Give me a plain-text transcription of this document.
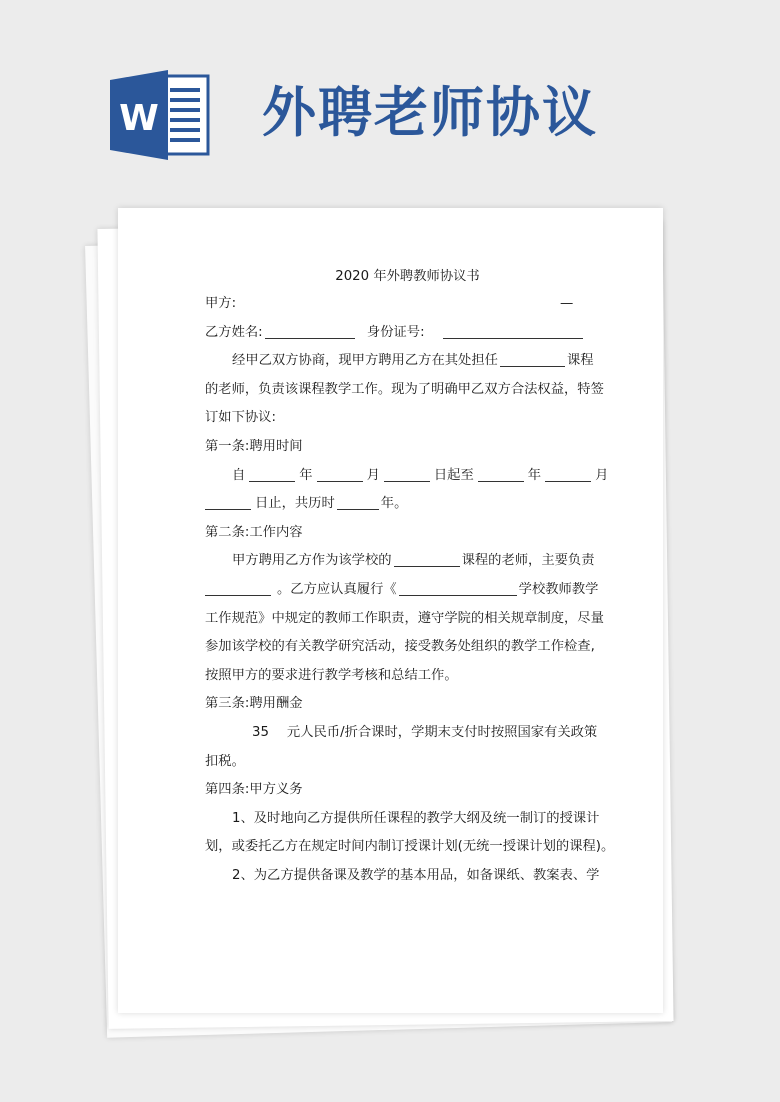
W 外聘老师协议
2020 年外聘教师协议书
甲方:	—
乙方姓名:	身份证号:
经甲乙双方协商，现甲方聘用乙方在其处担任	课程
的老师，负责该课程教学工作。现为了明确甲乙双方合法权益，特签
订如下协议:
第一条:聘用时间
自	年	月	日起至	年	月
日止，共历时	年。
第二条:工作内容
甲方聘用乙方作为该学校的	课程的老师，主要负责
。乙方应认真履行《	学校教师教学
工作规范》中规定的教师工作职责，遵守学院的相关规章制度，尽量
参加该学校的有关教学研究活动，接受教务处组织的教学工作检查,
按照甲方的要求进行教学考核和总结工作。
第三条:聘用酬金
35 元人民币/折合课时，学期末支付时按照国家有关政策
扣税。
第四条:甲方义务
1、及时地向乙方提供所任课程的教学大纲及统一制订的授课计
划，或委托乙方在规定时间内制订授课计划(无统一授课计划的课程)。
2、为乙方提供备课及教学的基本用品，如备课纸、教案表、学
